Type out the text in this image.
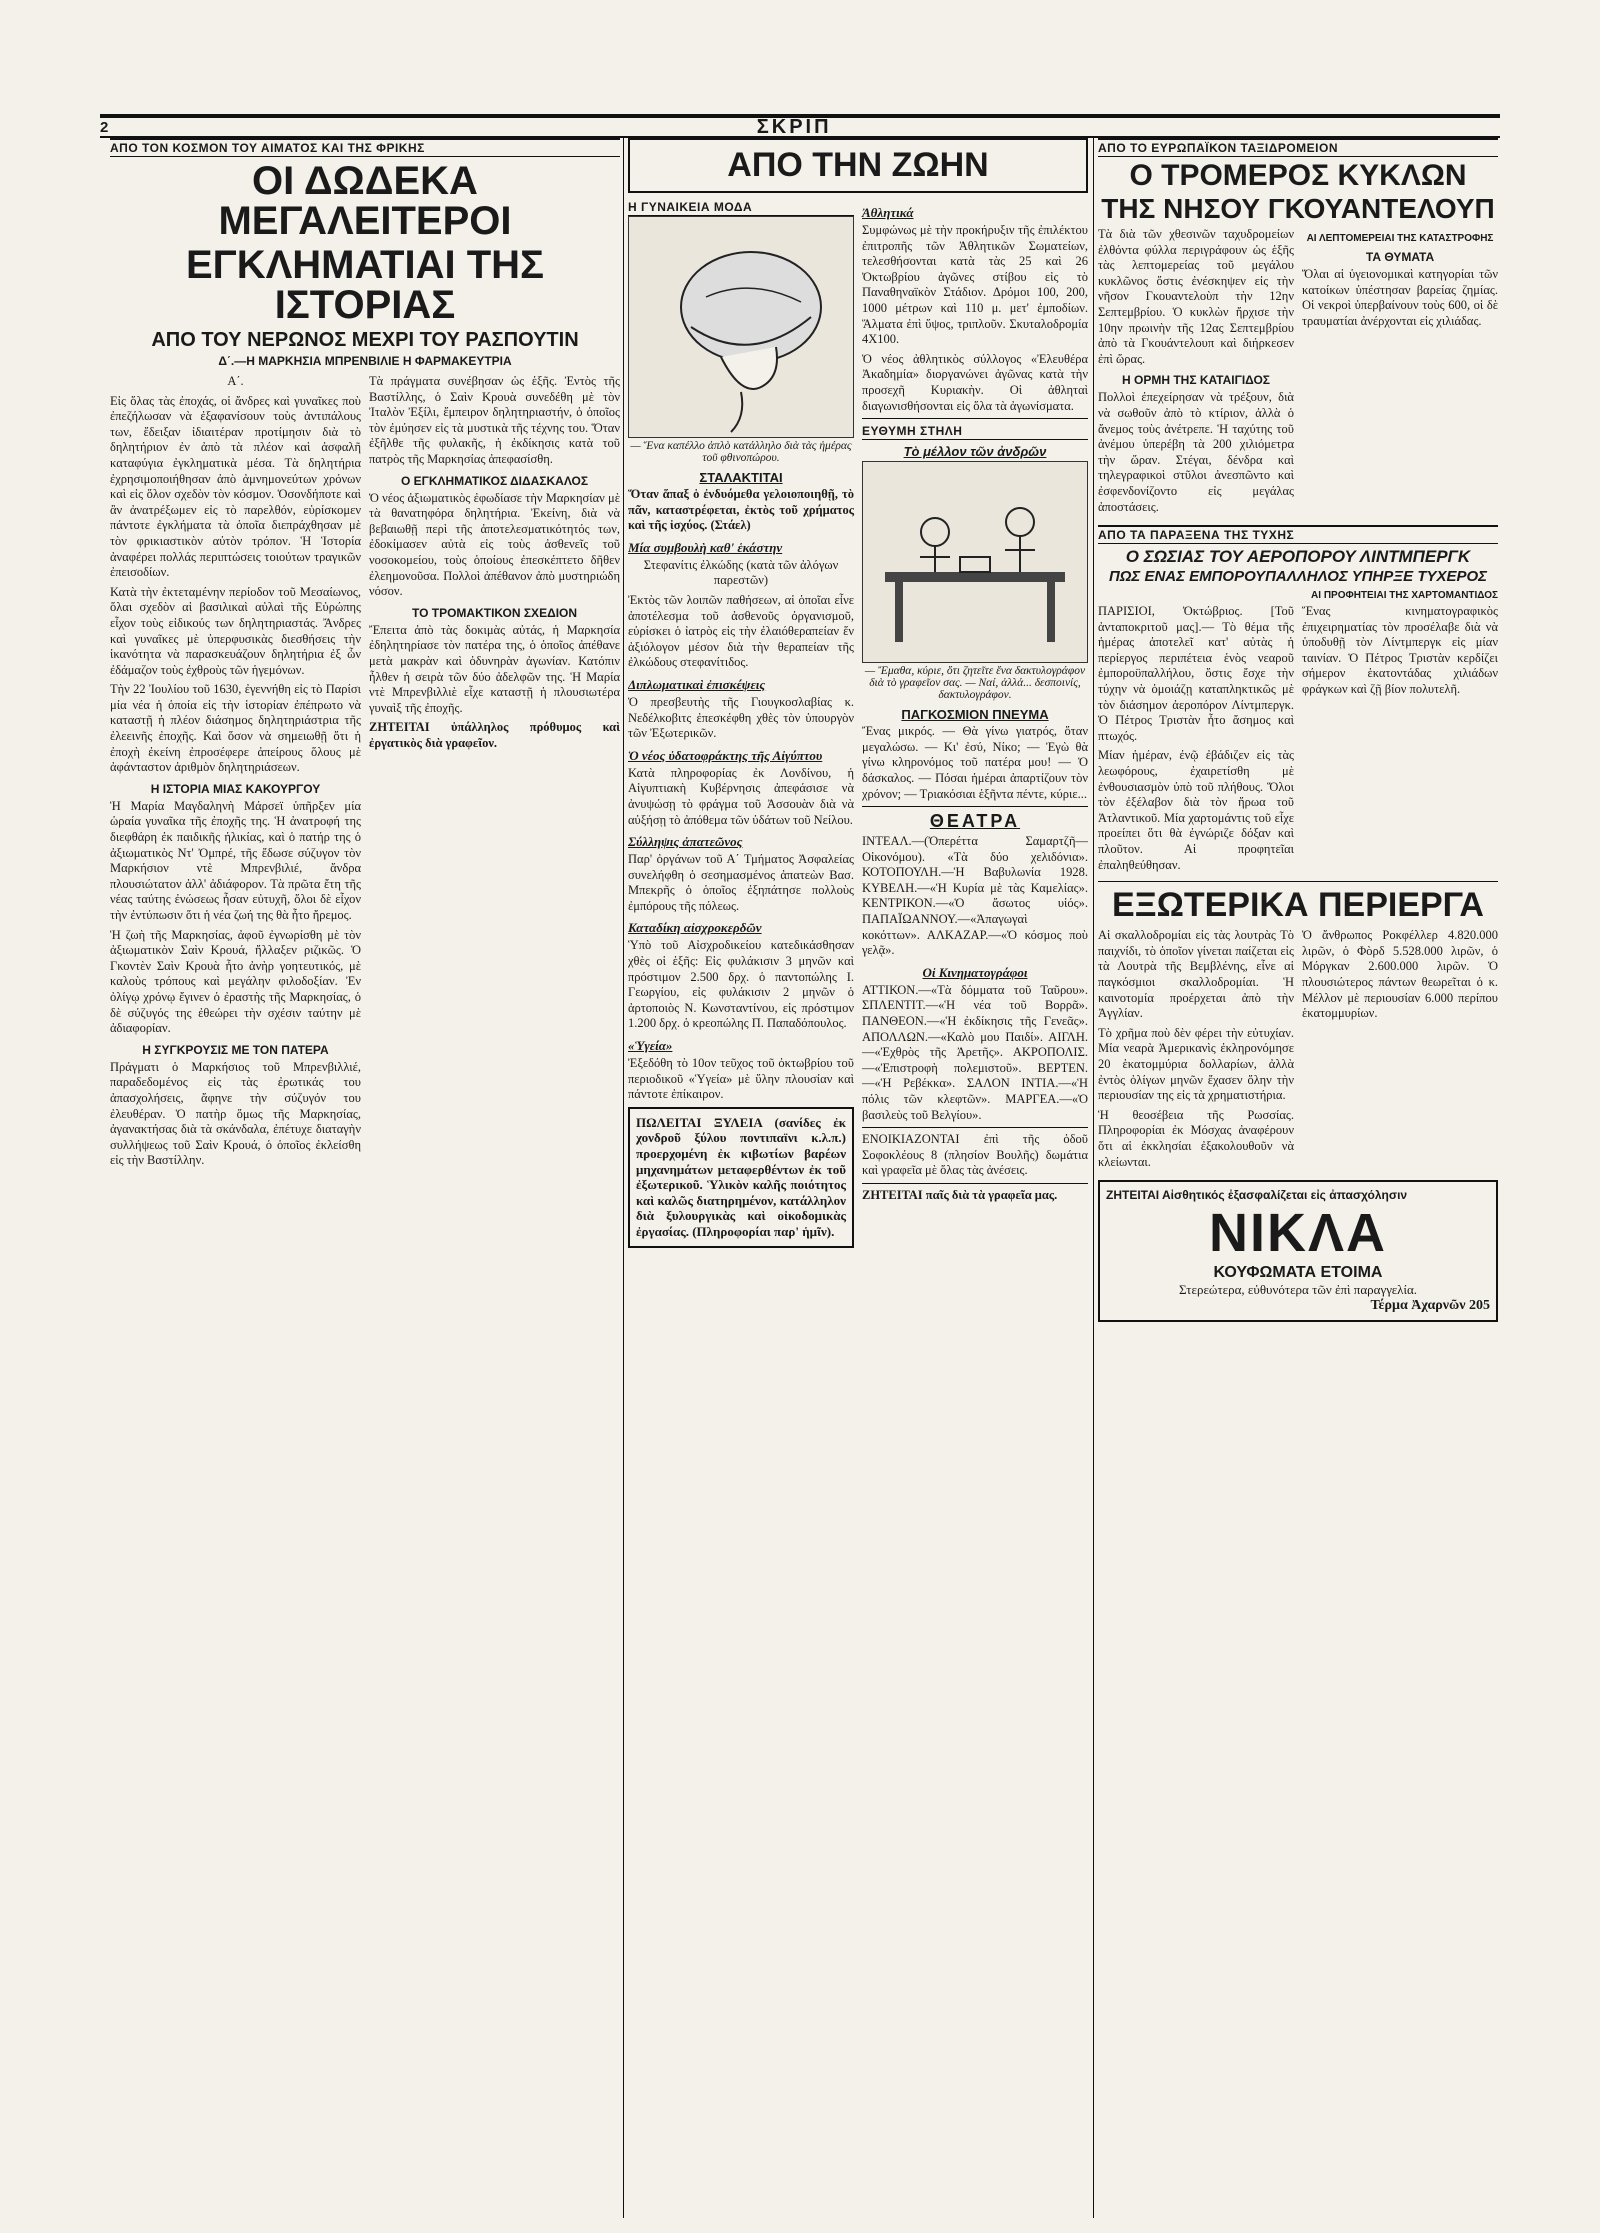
2	ΣΚΡΙΠ
ΑΠΟ ΤΟΝ ΚΟΣΜΟΝ ΤΟΥ ΑΙΜΑΤΟΣ ΚΑΙ ΤΗΣ ΦΡΙΚΗΣ
ΟΙ ΔΩΔΕΚΑ ΜΕΓΑΛΕΙΤΕΡΟΙ
ΕΓΚΛΗΜΑΤΙΑΙ ΤΗΣ ΙΣΤΟΡΙΑΣ
ΑΠΟ ΤΟΥ ΝΕΡΩΝΟΣ ΜΕΧΡΙ ΤΟΥ ΡΑΣΠΟΥΤΙΝ
Δ΄.—Η ΜΑΡΚΗΣΙΑ ΜΠΡΕΝΒΙΛΙΕ Η ΦΑΡΜΑΚΕΥΤΡΙΑ

Α΄.

Εἰς ὅλας τὰς ἐποχάς, οἱ ἄνδρες καὶ γυναῖκες ποὺ ἐπεζήλωσαν νὰ ἐξαφανίσουν τοὺς ἀντιπάλους των, ἔδειξαν ἰδιαιτέραν προτίμησιν διὰ τὸ δηλητήριον ἐν ἀπὸ τὰ πλέον καὶ ἀσφαλῆ καταφύγια ἐγκληματικὰ μέσα. Τὰ δηλητήρια ἐχρησιμοποιήθησαν ἀπὸ ἀμνημονεύτων χρόνων καὶ εἰς ὅλον σχεδὸν τὸν κόσμον. Ὁσονδήποτε καὶ ἂν ἀνατρέξωμεν εἰς τὸ παρελθόν, εὑρίσκομεν πάντοτε ἐγκλήματα τὰ ὁποῖα διεπράχθησαν μὲ τὸν φρικιαστικὸν αὐτὸν τρόπον. Ἡ Ἱστορία ἀναφέρει πολλάς περιπτώσεις τοιούτων τραγικῶν ἐπεισοδίων.

Κατὰ τὴν ἐκτεταμένην περίοδον τοῦ Μεσαίωνος, ὅλαι σχεδὸν αἱ βασιλικαὶ αὐλαὶ τῆς Εὐρώπης εἶχον τοὺς εἰδικούς των δηλητηριαστάς. Ἄνδρες καὶ γυναῖκες μὲ ὑπερφυσικὰς διεσθήσεις τὴν ἱκανότητα νὰ παρασκευάζουν δηλητήρια ἐξ ὧν ἐδάμαζον τοὺς ἐχθροὺς τῶν ἡγεμόνων.

Τὴν 22 Ἰουλίου τοῦ 1630, ἐγεννήθη εἰς τὸ Παρίσι μία νέα ἡ ὁποία εἰς τὴν ἱστορίαν ἐπέπρωτο νὰ καταστῇ ἡ πλέον διάσημος δηλητηριάστρια τῆς ἐλεεινῆς ἐποχῆς. Καὶ ὅσον νὰ σημειωθῇ ὅτι ἡ ἐποχὴ ἐκείνη ἐπροσέφερε ἀπείρους ὅλους μὲ ἀφάνταστον ἀριθμὸν δηλητηριάσεων.

Η ΙΣΤΟΡΙΑ ΜΙΑΣ ΚΑΚΟΥΡΓΟΥ

Ἡ Μαρία Μαγδαληνὴ Μάρσεϊ ὑπῆρξεν μία ὡραία γυναῖκα τῆς ἐποχῆς της. Ἡ ἀνατροφή της διεφθάρη ἐκ παιδικῆς ἡλικίας, καὶ ὁ πατήρ της ὁ ἀξιωματικὸς Ντ' Ὀμπρέ, τῆς ἔδωσε σύζυγον τὸν Μαρκήσιον ντὲ Μπρενβιλιέ, ἄνδρα πλουσιώτατον ἀλλ' ἀδιάφορον. Τὰ πρῶτα ἔτη τῆς νέας ταύτης ἐνώσεως ἦσαν εὐτυχῆ, ὅλοι δὲ εἶχον τὴν ἐντύπωσιν ὅτι ἡ νέα ζωή της θὰ ἦτο ἤρεμος.

Ἡ ζωὴ τῆς Μαρκησίας, ἀφοῦ ἐγνωρίσθη μὲ τὸν ἀξιωματικὸν Σαὶν Κρουά, ἤλλαξεν ριζικῶς. Ὁ Γκοντὲν Σαὶν Κρουὰ ἦτο ἀνὴρ γοητευτικός, μὲ καλοὺς τρόπους καὶ μεγάλην φιλοδοξίαν. Ἐν ὀλίγῳ χρόνῳ ἔγινεν ὁ ἐραστὴς τῆς Μαρκησίας, ὁ δὲ σύζυγός της ἐθεώρει τὴν σχέσιν ταύτην μὲ ἀδιαφορίαν.

Η ΣΥΓΚΡΟΥΣΙΣ ΜΕ ΤΟΝ ΠΑΤΕΡΑ

Πράγματι ὁ Μαρκήσιος τοῦ Μπρενβιλλιέ, παραδεδομένος εἰς τὰς ἐρωτικάς του ἀπασχολήσεις, ἄφηνε τὴν σύζυγόν του ἐλευθέραν. Ὁ πατὴρ ὅμως τῆς Μαρκησίας, ἀγανακτήσας διὰ τὰ σκάνδαλα, ἐπέτυχε διαταγὴν συλλήψεως τοῦ Σαὶν Κρουά, ὁ ὁποῖος ἐκλείσθη εἰς τὴν Βαστίλλην.

Τὰ πράγματα συνέβησαν ὡς ἑξῆς. Ἐντὸς τῆς Βαστίλλης, ὁ Σαὶν Κρουὰ συνεδέθη μὲ τὸν Ἰταλὸν Ἐξίλι, ἔμπειρον δηλητηριαστήν, ὁ ὁποῖος τὸν ἐμύησεν εἰς τὰ μυστικὰ τῆς τέχνης του. Ὅταν ἐξῆλθε τῆς φυλακῆς, ἡ ἐκδίκησις κατὰ τοῦ πατρὸς τῆς Μαρκησίας ἀπεφασίσθη.

Ο ΕΓΚΛΗΜΑΤΙΚΟΣ ΔΙΔΑΣΚΑΛΟΣ

Ὁ νέος ἀξιωματικὸς ἐφωδίασε τὴν Μαρκησίαν μὲ τὰ θανατηφόρα δηλητήρια. Ἐκείνη, διὰ νὰ βεβαιωθῇ περὶ τῆς ἀποτελεσματικότητός των, ἐδοκίμασεν αὐτὰ εἰς τοὺς ἀσθενεῖς τοῦ νοσοκομείου, τοὺς ὁποίους ἐπεσκέπτετο δῆθεν ἐλεημονοῦσα. Πολλοὶ ἀπέθανον ἀπὸ μυστηριώδη νόσον.

ΤΟ ΤΡΟΜΑΚΤΙΚΟΝ ΣΧΕΔΙΟΝ

Ἔπειτα ἀπὸ τὰς δοκιμὰς αὐτάς, ἡ Μαρκησία ἐδηλητηρίασε τὸν πατέρα της, ὁ ὁποῖος ἀπέθανε μετὰ μακρὰν καὶ ὀδυνηρὰν ἀγωνίαν. Κατόπιν ἦλθεν ἡ σειρὰ τῶν δύο ἀδελφῶν της. Ἡ Μαρία ντὲ Μπρενβιλλιὲ εἶχε καταστῇ ἡ πλουσιωτέρα γυναὶξ τῆς ἐποχῆς.

ΖΗΤΕΙΤΑΙ ὑπάλληλος πρόθυμος καὶ ἐργατικὸς διὰ γραφεῖον.

ΑΠΟ ΤΗΝ ΖΩΗΝ
Η ΓΥΝΑΙΚΕΙΑ ΜΟΔΑ
— Ἕνα καπέλλο ἁπλὸ κατάλληλο διὰ τὰς ἡμέρας τοῦ φθινοπώρου.
ΣΤΑΛΑΚΤΙΤΑΙ

Ὅταν ἅπαξ ὁ ἐνδυόμεθα γελοιοποιηθῇ, τὸ πᾶν, καταστρέφεται, ἐκτὸς τοῦ χρήματος καὶ τῆς ἰσχύος. (Στάελ)

Μία συμβουλὴ καθ' ἑκάστην

Στεφανίτις ἐλκώδης (κατὰ τῶν ἀλόγων παρεστῶν)

Ἐκτὸς τῶν λοιπῶν παθήσεων, αἱ ὁποῖαι εἶνε ἀποτέλεσμα τοῦ ἀσθενοῦς ὀργανισμοῦ, εὑρίσκει ὁ ἰατρὸς εἰς τὴν ἐλαιόθεραπείαν ἕν ἀξιόλογον μέσον διὰ τὴν θεραπείαν τῆς ἐλκώδους στεφανίτιδος.

Διπλωματικαὶ ἐπισκέψεις

Ὁ πρεσβευτὴς τῆς Γιουγκοσλαβίας κ. Νεδέλκοβιτς ἐπεσκέφθη χθὲς τὸν ὑπουργὸν τῶν Ἐξωτερικῶν.

Ὁ νέος ὑδατοφράκτης τῆς Αἰγύπτου

Κατὰ πληροφορίας ἐκ Λονδίνου, ἡ Αἰγυπτιακὴ Κυβέρνησις ἀπεφάσισε νὰ ἀνυψώσῃ τὸ φράγμα τοῦ Ἀσσουὰν διὰ νὰ αὐξήσῃ τὸ ἀπόθεμα τῶν ὑδάτων τοῦ Νείλου.

Σύλληψις ἀπατεῶνος

Παρ' ὀργάνων τοῦ Α΄ Τμήματος Ἀσφαλείας συνελήφθη ὁ σεσημασμένος ἀπατεὼν Βασ. Μπεκρῆς ὁ ὁποῖος ἐξηπάτησε πολλοὺς ἐμπόρους τῆς πόλεως.

Καταδίκη αἰσχροκερδῶν

Ὑπὸ τοῦ Αἰσχροδικείου κατεδικάσθησαν χθὲς οἱ ἑξῆς: Εἰς φυλάκισιν 3 μηνῶν καὶ πρόστιμον 2.500 δρχ. ὁ παντοπώλης Ι. Γεωργίου, εἰς φυλάκισιν 2 μηνῶν ὁ ἀρτοποιὸς Ν. Κωνσταντίνου, εἰς πρόστιμον 1.200 δρχ. ὁ κρεοπώλης Π. Παπαδόπουλος.

«Ὑγεία»

Ἐξεδόθη τὸ 10ον τεῦχος τοῦ ὀκτωβρίου τοῦ περιοδικοῦ «Ὑγεία» μὲ ὕλην πλουσίαν καὶ πάντοτε ἐπίκαιρον.

ΠΩΛΕΙΤΑΙ ΞΥΛΕΙΑ (σανίδες ἐκ χονδροῦ ξύλου ποντιπαϊνι κ.λ.π.) προερχομένη ἐκ κιβωτίων βαρέων μηχανημάτων μεταφερθέντων ἐκ τοῦ ἐξωτερικοῦ. Ὑλικὸν καλῆς ποιότητος καὶ καλῶς διατηρημένον, κατάλληλον διὰ ξυλουργικὰς καὶ οἰκοδομικὰς ἐργασίας. (Πληροφορίαι παρ' ἡμῖν).

Ἀθλητικά

Συμφώνως μὲ τὴν προκήρυξιν τῆς ἐπιλέκτου ἐπιτροπῆς τῶν Ἀθλητικῶν Σωματείων, τελεσθήσονται κατὰ τὰς 25 καὶ 26 Ὀκτωβρίου ἀγῶνες στίβου εἰς τὸ Παναθηναϊκὸν Στάδιον. Δρόμοι 100, 200, 1000 μέτρων καὶ 110 μ. μετ' ἐμποδίων. Ἅλματα ἐπὶ ὕψος, τριπλοῦν. Σκυταλοδρομία 4Χ100.

Ὁ νέος ἀθλητικὸς σύλλογος «Ἐλευθέρα Ἀκαδημία» διοργανώνει ἀγῶνας κατὰ τὴν προσεχῆ Κυριακὴν. Οἱ ἀθληταὶ διαγωνισθήσονται εἰς ὅλα τὰ ἀγωνίσματα.

ΕΥΘΥΜΗ ΣΤΗΛΗ
Τὸ μέλλον τῶν ἀνδρῶν
— Ἔμαθα, κύριε, ὅτι ζητεῖτε ἕνα δακτυλογράφον διὰ τὸ γραφεῖον σας. — Ναί, ἀλλά... δεσποινίς, δακτυλογράφον.
ΠΑΓΚΟΣΜΙΟΝ ΠΝΕΥΜΑ

Ἔνας μικρός. — Θὰ γίνω γιατρός, ὅταν μεγαλώσω. — Κι' ἐσύ, Νίκο; — Ἐγὼ θὰ γίνω κληρονόμος τοῦ πατέρα μου! — Ὁ δάσκαλος. — Πόσαι ἡμέραι ἀπαρτίζουν τὸν χρόνον; — Τριακόσιαι ἑξῆντα πέντε, κύριε...

ΘΕΑΤΡΑ

ΙΝΤΕΑΛ.—(Ὀπερέττα Σαμαρτζῆ—Οἰκονόμου). «Τὰ δύο χελιδόνια». ΚΟΤΟΠΟΥΛΗ.—Ἡ Βαβυλωνία 1928. ΚΥΒΕΛΗ.—«Ἡ Κυρία μὲ τὰς Καμελίας». ΚΕΝΤΡΙΚΟΝ.—«Ὁ ἄσωτος υἱός». ΠΑΠΑΪΩΑΝΝΟΥ.—«Ἀπαγωγαὶ κοκόττων». ΑΛΚΑΖΑΡ.—«Ὁ κόσμος ποὺ γελᾷ».

Οἱ Κινηματογράφοι

ΑΤΤΙΚΟΝ.—«Τὰ δόμματα τοῦ Ταῦρου». ΣΠΛΕΝΤΙΤ.—«Ἡ νέα τοῦ Βορρᾶ». ΠΑΝΘΕΟΝ.—«Ἡ ἐκδίκησις τῆς Γενεᾶς». ΑΠΟΛΛΩΝ.—«Καλὸ μου Παιδί». ΑΙΓΛΗ.—«Ἐχθρὸς τῆς Ἀρετῆς». ΑΚΡΟΠΟΛΙΣ.—«Ἐπιστροφὴ πολεμιστοῦ». ΒΕΡΤΕΝ.—«Ἡ Ρεβέκκα». ΣΑΛΟΝ ΙΝΤΙΑ.—«Ἡ πόλις τῶν κλεφτῶν». ΜΑΡΓΕΑ.—«Ὁ βασιλεὺς τοῦ Βελγίου».

ΕΝΟΙΚΙΑΖΟΝΤΑΙ ἐπὶ τῆς ὁδοῦ Σοφοκλέους 8 (πλησίον Βουλῆς) δωμάτια καὶ γραφεῖα μὲ ὅλας τὰς ἀνέσεις.

ΖΗΤΕΙΤΑΙ παῖς διὰ τὰ γραφεῖα μας.

ΑΠΟ ΤΟ ΕΥΡΩΠΑΪΚΟΝ ΤΑΞΙΔΡΟΜΕΙΟΝ
Ο ΤΡΟΜΕΡΟΣ ΚΥΚΛΩΝ
ΤΗΣ ΝΗΣΟΥ ΓΚΟΥΑΝΤΕΛΟΥΠ

Τὰ διὰ τῶν χθεσινῶν ταχυδρομείων ἐλθόντα φύλλα περιγράφουν ὡς ἑξῆς τὰς λεπτομερείας τοῦ μεγάλου κυκλῶνος ὅστις ἐνέσκηψεν εἰς τὴν νῆσον Γκουαντελοὺπ τὴν 12ην Σεπτεμβρίου. Ὁ κυκλὼν ἤρχισε τὴν 10ην πρωινὴν τῆς 12ας Σεπτεμβρίου ἀπὸ τὰ Γκουάντελουπ καὶ διήρκεσεν ἐπὶ ὥρας.

Η ΟΡΜΗ ΤΗΣ ΚΑΤΑΙΓΙΔΟΣ

Πολλοὶ ἐπεχείρησαν νὰ τρέξουν, διὰ νὰ σωθοῦν ἀπὸ τὸ κτίριον, ἀλλὰ ὁ ἄνεμος τοὺς ἀνέτρεπε. Ἡ ταχύτης τοῦ ἀνέμου ὑπερέβη τὰ 200 χιλιόμετρα τὴν ὥραν. Στέγαι, δένδρα καὶ τηλεγραφικοὶ στῦλοι ἀνεσπῶντο καὶ ἐσφενδονίζοντο εἰς μεγάλας ἀποστάσεις.

ΑΙ ΛΕΠΤΟΜΕΡΕΙΑΙ ΤΗΣ ΚΑΤΑΣΤΡΟΦΗΣ
ΤΑ ΘΥΜΑΤΑ

Ὅλαι αἱ ὑγειονομικαὶ κατηγορίαι τῶν κατοίκων ὑπέστησαν βαρείας ζημίας. Οἱ νεκροὶ ὑπερβαίνουν τοὺς 600, οἱ δὲ τραυματίαι ἀνέρχονται εἰς χιλιάδας.

ΑΠΟ ΤΑ ΠΑΡΑΞΕΝΑ ΤΗΣ ΤΥΧΗΣ
Ο ΣΩΣΙΑΣ ΤΟΥ ΑΕΡΟΠΟΡΟΥ ΛΙΝΤΜΠΕΡΓΚ
ΠΩΣ ΕΝΑΣ ΕΜΠΟΡΟΥΠΑΛΛΗΛΟΣ ΥΠΗΡΞΕ ΤΥΧΕΡΟΣ
ΑΙ ΠΡΟΦΗΤΕΙΑΙ ΤΗΣ ΧΑΡΤΟΜΑΝΤΙΔΟΣ

ΠΑΡΙΣΙΟΙ, Ὀκτώβριος. [Τοῦ ἀνταποκριτοῦ μας].— Τὸ θέμα τῆς ἡμέρας ἀποτελεῖ κατ' αὐτὰς ἡ περίεργος περιπέτεια ἑνὸς νεαροῦ ἐμποροϋπαλλήλου, ὅστις ἔσχε τὴν τύχην νὰ ὁμοιάζῃ καταπληκτικῶς μὲ τὸν διάσημον ἀεροπόρον Λίντμπεργκ. Ὁ Πέτρος Τριστὰν ἦτο ἄσημος καὶ πτωχός.

Μίαν ἡμέραν, ἐνῷ ἐβάδιζεν εἰς τὰς λεωφόρους, ἐχαιρετίσθη μὲ ἐνθουσιασμὸν ὑπὸ τοῦ πλήθους. Ὅλοι τὸν ἐξέλαβον διὰ τὸν ἥρωα τοῦ Ἀτλαντικοῦ. Μία χαρτομάντις τοῦ εἶχε προείπει ὅτι θὰ ἐγνώριζε δόξαν καὶ πλοῦτον. Αἱ προφητεῖαι ἐπαληθεύθησαν.

Ἕνας κινηματογραφικὸς ἐπιχειρηματίας τὸν προσέλαβε διὰ νὰ ὑποδυθῇ τὸν Λίντμπεργκ εἰς μίαν ταινίαν. Ὁ Πέτρος Τριστὰν κερδίζει σήμερον ἑκατοντάδας χιλιάδων φράγκων καὶ ζῇ βίον πολυτελῆ.

ΕΞΩΤΕΡΙΚΑ ΠΕΡΙΕΡΓΑ

Αἱ σκαλλοδρομίαι εἰς τὰς λουτρὰς Τὸ παιχνίδι, τὸ ὁποῖον γίνεται παίζεται εἰς τὰ Λουτρὰ τῆς Βεμβλένης, εἶνε αἱ παγκόσμιοι σκαλλοδρομίαι. Ἡ καινοτομία προέρχεται ἀπὸ τὴν Ἀγγλίαν.

Τὸ χρῆμα ποὺ δὲν φέρει τὴν εὐτυχίαν. Μία νεαρὰ Ἀμερικανὶς ἐκληρονόμησε 20 ἑκατομμύρια δολλαρίων, ἀλλὰ ἐντὸς ὀλίγων μηνῶν ἔχασεν ὅλην τὴν περιουσίαν της εἰς τὰ χρηματιστήρια.

Ἡ θεοσέβεια τῆς Ρωσσίας. Πληροφορίαι ἐκ Μόσχας ἀναφέρουν ὅτι αἱ ἐκκλησίαι ἐξακολουθοῦν νὰ κλείωνται.

Ὁ ἄνθρωπος Ροκφέλλερ 4.820.000 λιρῶν, ὁ Φὸρδ 5.528.000 λιρῶν, ὁ Μόργκαν 2.600.000 λιρῶν. Ὁ πλουσιώτερος πάντων θεωρεῖται ὁ κ. Μέλλον μὲ περιουσίαν 6.000 περίπου ἑκατομμυρίων.

ΖΗΤΕΙΤΑΙ Αἰσθητικός ἐξασφαλίζεται εἰς ἀπασχόλησιν
ΝΙΚΛΑ
ΚΟΥΦΩΜΑΤΑ ΕΤΟΙΜΑ
Στερεώτερα, εὐθυνότερα τῶν ἐπὶ παραγγελία.
Τέρμα Ἀχαρνῶν 205
